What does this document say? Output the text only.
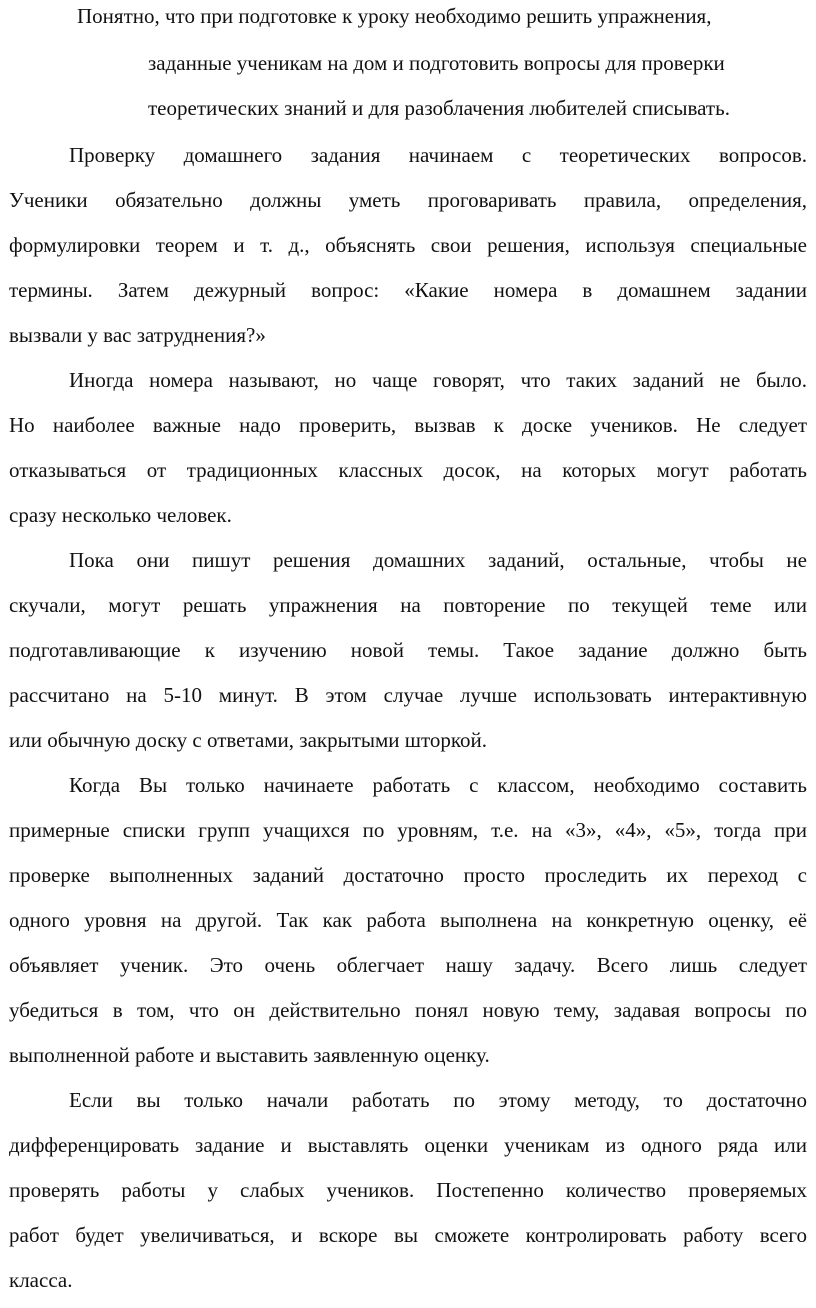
Понятно, что при подготовке к уроку необходимо решить упражнения,
заданные ученикам на дом и подготовить вопросы для проверки
теоретических знаний и для разоблачения любителей списывать.
Проверку домашнего задания начинаем с теоретических вопросов.
Ученики обязательно должны уметь проговаривать правила, определения,
формулировки теорем и т. д., объяснять свои решения, используя специальные
термины. Затем дежурный вопрос: «Какие номера в домашнем задании
вызвали у вас затруднения?»
Иногда номера называют, но чаще говорят, что таких заданий не было.
Но наиболее важные надо проверить, вызвав к доске учеников. Не следует
отказываться от традиционных классных досок, на которых могут работать
сразу несколько человек.
Пока они пишут решения домашних заданий, остальные, чтобы не
скучали, могут решать упражнения на повторение по текущей теме или
подготавливающие к изучению новой темы. Такое задание должно быть
рассчитано на 5-10 минут. В этом случае лучше использовать интерактивную
или обычную доску с ответами, закрытыми шторкой.
Когда Вы только начинаете работать с классом, необходимо составить
примерные списки групп учащихся по уровням, т.е. на «3», «4», «5», тогда при
проверке выполненных заданий достаточно просто проследить их переход с
одного уровня на другой. Так как работа выполнена на конкретную оценку, её
объявляет ученик. Это очень облегчает нашу задачу. Всего лишь следует
убедиться в том, что он действительно понял новую тему, задавая вопросы по
выполненной работе и выставить заявленную оценку.
Если вы только начали работать по этому методу, то достаточно
дифференцировать задание и выставлять оценки ученикам из одного ряда или
проверять работы у слабых учеников. Постепенно количество проверяемых
работ будет увеличиваться, и вскоре вы сможете контролировать работу всего
класса.
